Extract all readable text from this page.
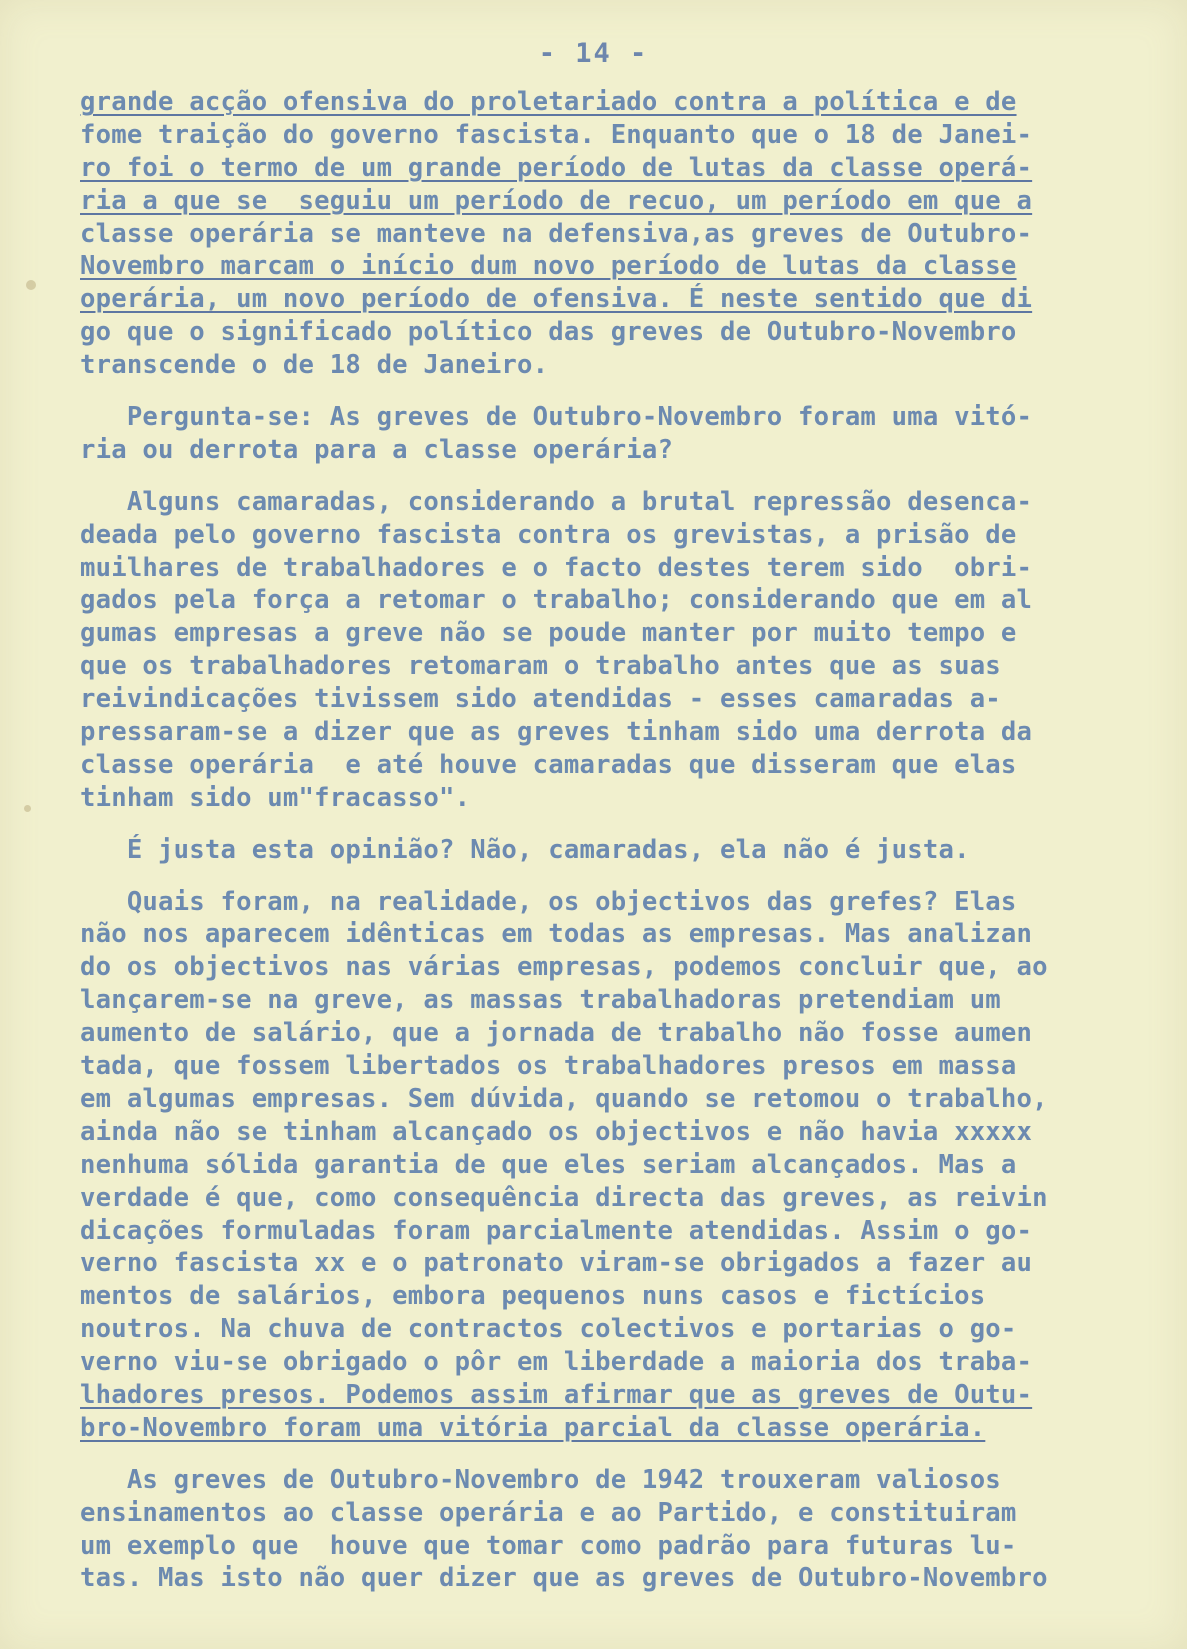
- 14 -
grande acção ofensiva do proletariado contra a política e de
fome traição do governo fascista. Enquanto que o 18 de Janei-
ro foi o termo de um grande período de lutas da classe operá-
ria a que se  seguiu um período de recuo, um período em que a
classe operária se manteve na defensiva,as greves de Outubro-
Novembro marcam o início dum novo período de lutas da classe
operária, um novo período de ofensiva. É neste sentido que di
go que o significado político das greves de Outubro-Novembro
transcende o de 18 de Janeiro.
Pergunta-se: As greves de Outubro-Novembro foram uma vitó-
ria ou derrota para a classe operária?
Alguns camaradas, considerando a brutal repressão desenca-
deada pelo governo fascista contra os grevistas, a prisão de
muilhares de trabalhadores e o facto destes terem sido  obri-
gados pela força a retomar o trabalho; considerando que em al
gumas empresas a greve não se poude manter por muito tempo e
que os trabalhadores retomaram o trabalho antes que as suas
reivindicações tivissem sido atendidas - esses camaradas a-
pressaram-se a dizer que as greves tinham sido uma derrota da
classe operária  e até houve camaradas que disseram que elas
tinham sido um"fracasso".
É justa esta opinião? Não, camaradas, ela não é justa.
Quais foram, na realidade, os objectivos das grefes? Elas
não nos aparecem idênticas em todas as empresas. Mas analizan
do os objectivos nas várias empresas, podemos concluir que, ao
lançarem-se na greve, as massas trabalhadoras pretendiam um
aumento de salário, que a jornada de trabalho não fosse aumen
tada, que fossem libertados os trabalhadores presos em massa
em algumas empresas. Sem dúvida, quando se retomou o trabalho,
ainda não se tinham alcançado os objectivos e não havia xxxxx
nenhuma sólida garantia de que eles seriam alcançados. Mas a
verdade é que, como consequência directa das greves, as reivin
dicações formuladas foram parcialmente atendidas. Assim o go-
verno fascista xx e o patronato viram-se obrigados a fazer au
mentos de salários, embora pequenos nuns casos e fictícios
noutros. Na chuva de contractos colectivos e portarias o go-
verno viu-se obrigado o pôr em liberdade a maioria dos traba-
lhadores presos. Podemos assim afirmar que as greves de Outu-
bro-Novembro foram uma vitória parcial da classe operária.
As greves de Outubro-Novembro de 1942 trouxeram valiosos
ensinamentos ao classe operária e ao Partido, e constituiram
um exemplo que  houve que tomar como padrão para futuras lu-
tas. Mas isto não quer dizer que as greves de Outubro-Novembro
